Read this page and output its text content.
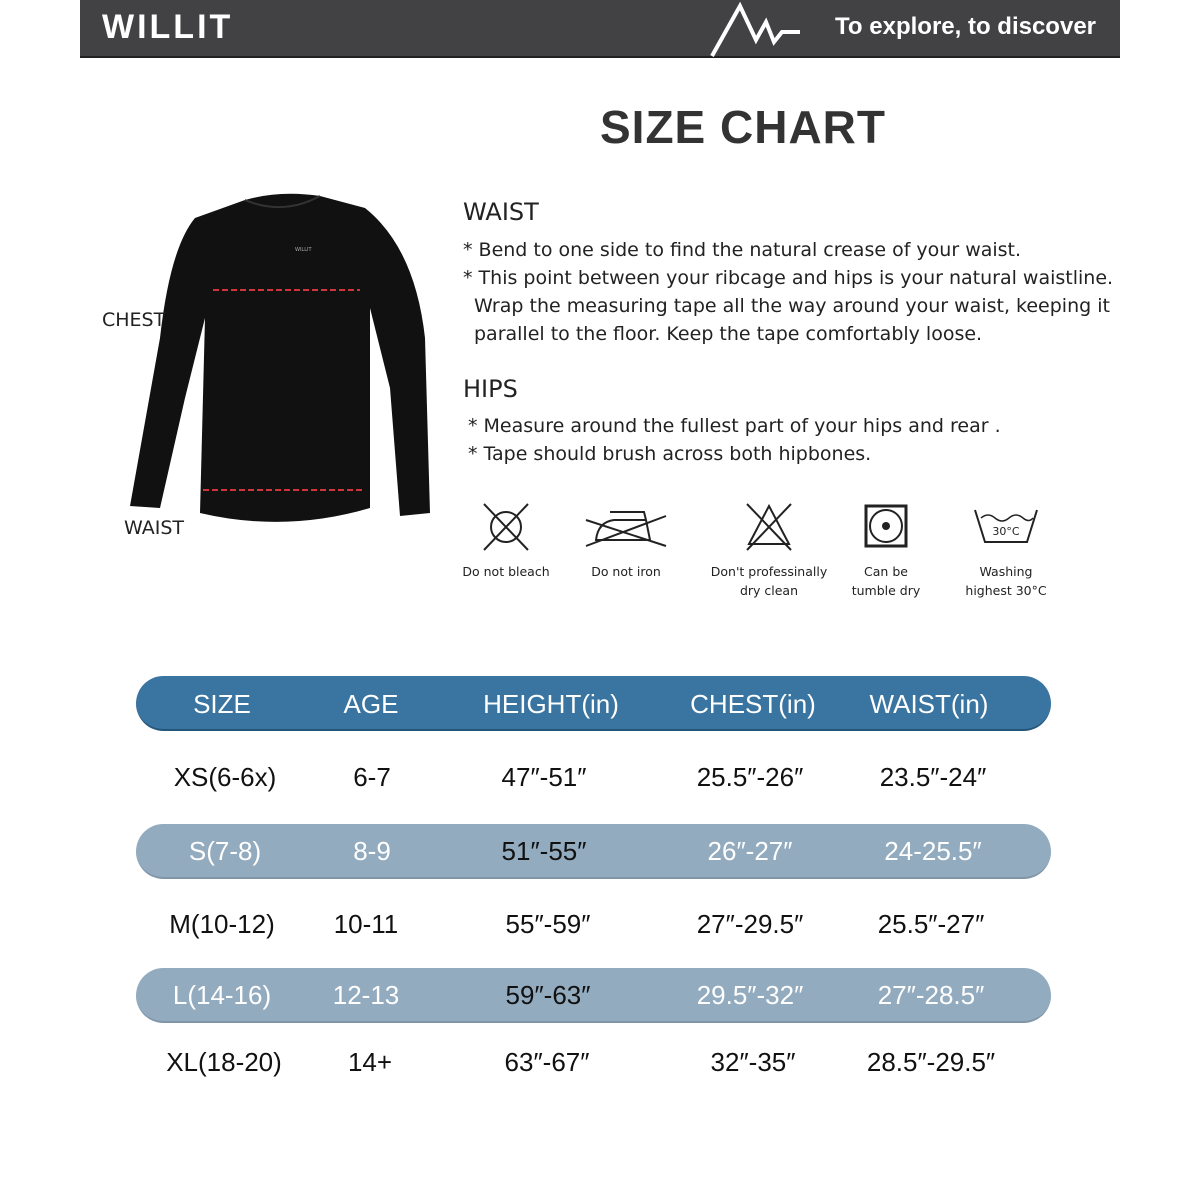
WILLIT	To explore, to discover
SIZE CHART
WILLIT
CHEST
WAIST
WAIST
* Bend to one side to find the natural crease of your waist.
* This point between your ribcage and hips is your natural waistline.
Wrap the measuring tape all the way around your waist, keeping it
parallel to the floor. Keep the tape comfortably loose.
HIPS
* Measure around the fullest part of your hips and rear .
* Tape should brush across both hipbones.
Do not bleach	Do not iron	Don't professinally
dry clean
Can be
tumble dry
30°C
Washing
highest 30°C
SIZE	AGE	HEIGHT(in)	CHEST(in)	WAIST(in)
XS(6-6x)	6-7	47″-51″	25.5″-26″	23.5″-24″
S(7-8)	8-9	51″-55″	26″-27″	24-25.5″
M(10-12)	10-11	55″-59″	27″-29.5″	25.5″-27″
L(14-16)	12-13	59″-63″	29.5″-32″	27″-28.5″
XL(18-20)	14+	63″-67″	32″-35″	28.5″-29.5″
